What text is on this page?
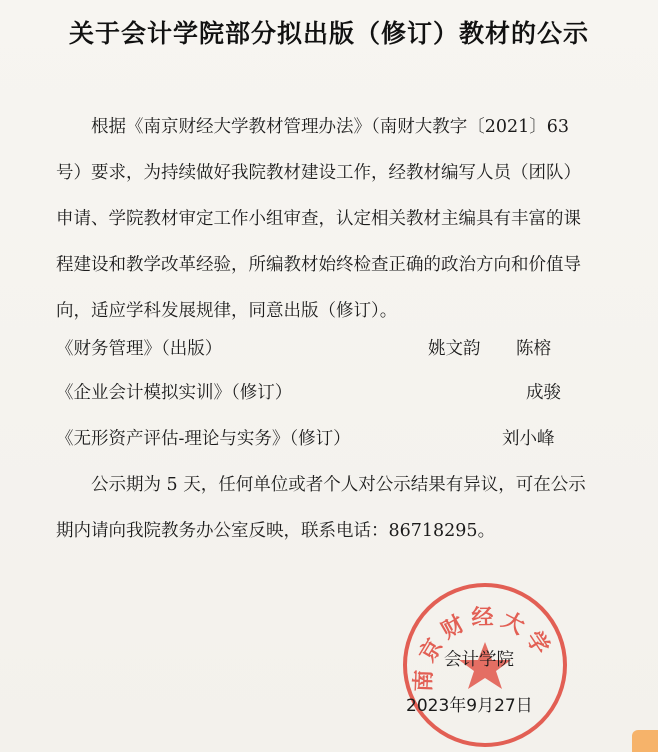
关于会计学院部分拟出版（修订）教材的公示
根据《南京财经大学教材管理办法》（南财大教字〔2021〕63
号）要求，为持续做好我院教材建设工作，经教材编写人员（团队）
申请、学院教材审定工作小组审查，认定相关教材主编具有丰富的课
程建设和教学改革经验，所编教材始终检查正确的政治方向和价值导
向，适应学科发展规律，同意出版（修订）。
《财务管理》（出版）	姚文韵 陈榕
《企业会计模拟实训》（修订）	成骏
《无形资产评估-理论与实务》（修订）	刘小峰
公示期为 5 天，任何单位或者个人对公示结果有异议，可在公示
期内请向我院教务办公室反映，联系电话：86718295。
南京财经大学
会计学院
2023年9月27日
